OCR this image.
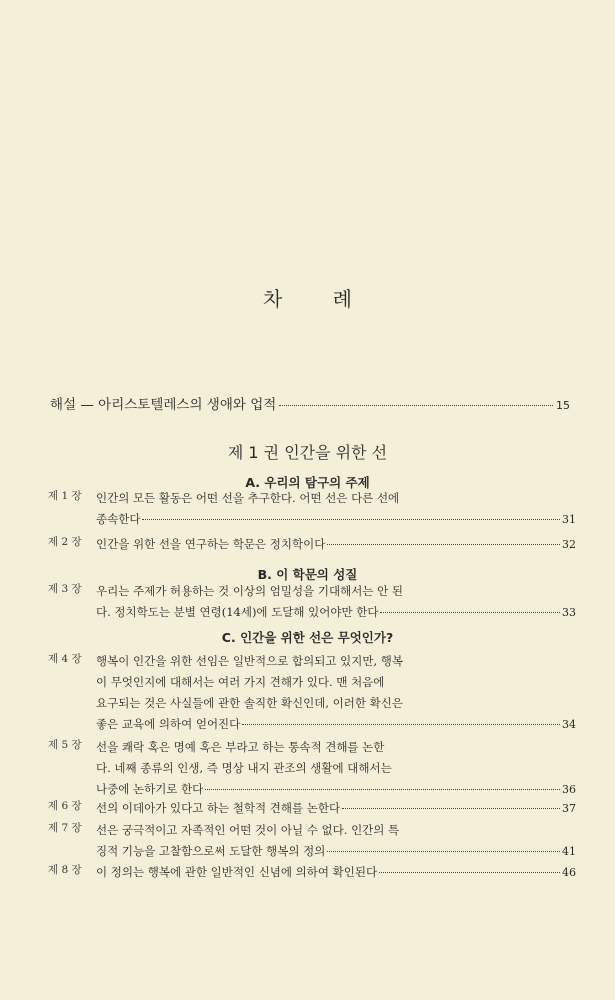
차 례
해설 — 아리스토텔레스의 생애와 업적	15
제 1 권 인간을 위한 선
A. 우리의 탐구의 주제
제 1 장	인간의 모든 활동은 어떤 선을 추구한다. 어떤 선은 다른 선에
종속한다	31
제 2 장	인간을 위한 선을 연구하는 학문은 정치학이다	32
B. 이 학문의 성질
제 3 장	우리는 주제가 허용하는 것 이상의 엄밀성을 기대해서는 안 된
다. 정치학도는 분별 연령(14세)에 도달해 있어야만 한다	33
C. 인간을 위한 선은 무엇인가?
제 4 장	행복이 인간을 위한 선임은 일반적으로 합의되고 있지만, 행복
이 무엇인지에 대해서는 여러 가지 견해가 있다. 맨 처음에
요구되는 것은 사실들에 관한 솔직한 확신인데, 이러한 확신은
좋은 교육에 의하여 얻어진다	34
제 5 장	선을 쾌락 혹은 명예 혹은 부라고 하는 통속적 견해를 논한
다. 네째 종류의 인생, 즉 명상 내지 관조의 생활에 대해서는
나중에 논하기로 한다	36
제 6 장	선의 이데아가 있다고 하는 철학적 견해를 논한다	37
제 7 장	선은 궁극적이고 자족적인 어떤 것이 아닐 수 없다. 인간의 특
징적 기능을 고찰함으로써 도달한 행복의 정의	41
제 8 장	이 정의는 행복에 관한 일반적인 신념에 의하여 확인된다	46
